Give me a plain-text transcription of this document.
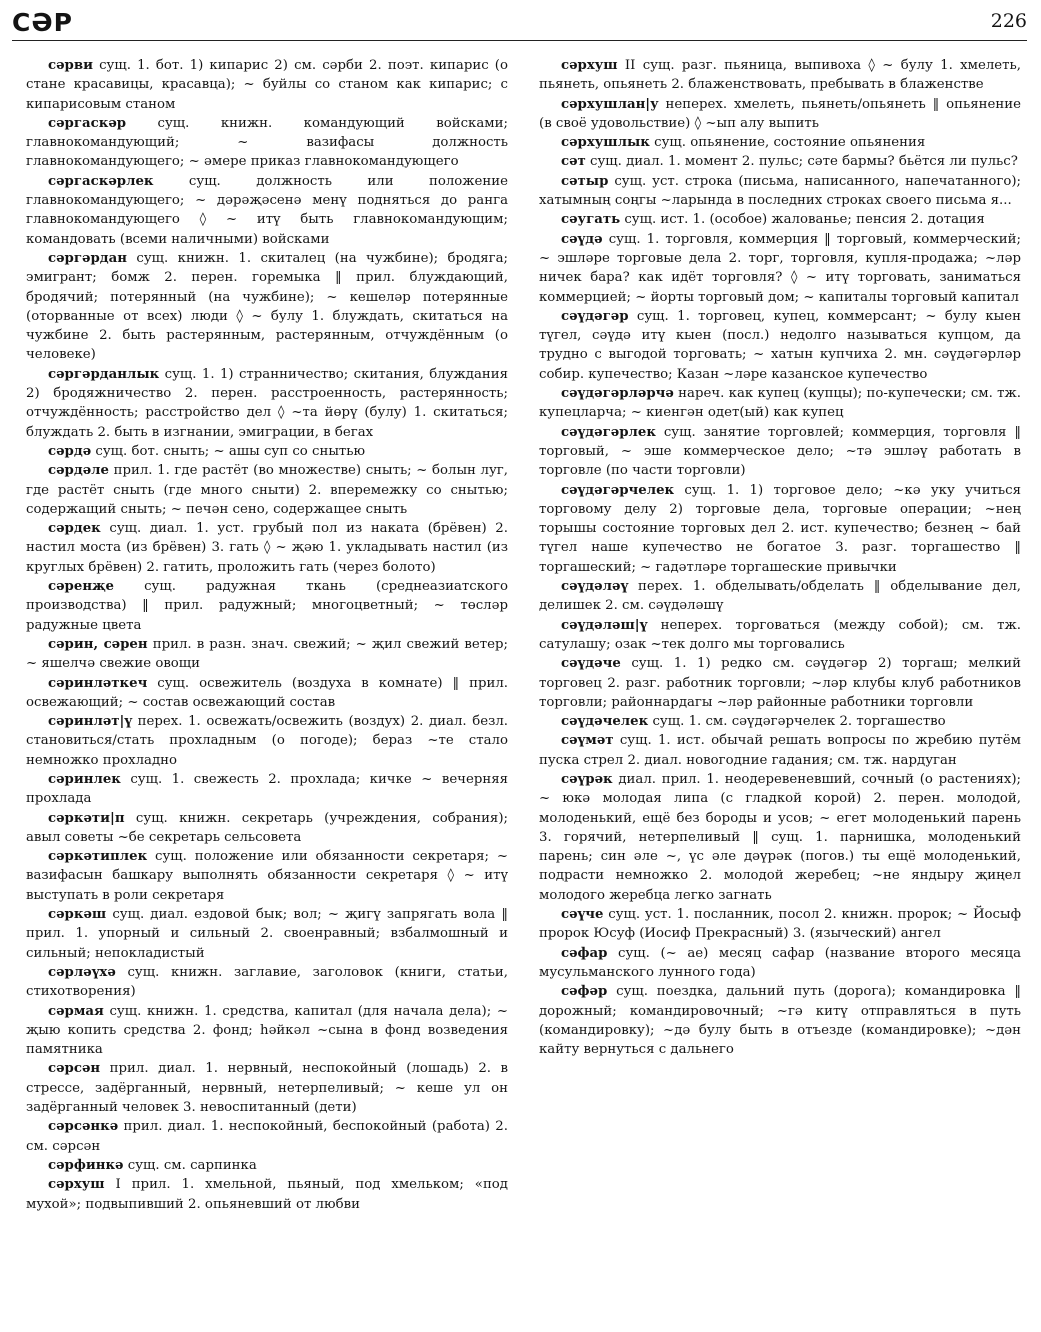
СӘР	226

сәрви сущ. 1. бот. 1) кипарис 2) см. сәрби 2. поэт. кипарис (о стане красавицы, красавца); ~ буйлы со станом как кипарис; с кипарисовым станом

сәргаскәр сущ. книжн. командующий войсками; главнокомандующий; ~ вазифасы должность главнокомандующего; ~ әмере приказ главнокомандующего

сәргаскәрлек сущ. должность или положение главнокомандующего; ~ дәрәҗәсенә менү подняться до ранга главнокомандующего ◊ ~ итү быть главнокомандующим; командовать (всеми наличными) войсками

сәргәрдан сущ. книжн. 1. скиталец (на чужбине); бродяга; эмигрант; бомж 2. перен. горемыка ‖ прил. блуждающий, бродячий; потерянный (на чужбине); ~ кешеләр потерянные (оторванные от всех) люди ◊ ~ булу 1. блуждать, скитаться на чужбине 2. быть растерянным, растерянным, отчуждённым (о человеке)

сәргәрданлык сущ. 1. 1) странничество; скитания, блуждания 2) бродяжничество 2. перен. расстроенность, растерянность; отчуждённость; расстройство дел ◊ ~та йөрү (булу) 1. скитаться; блуждать 2. быть в изгнании, эмиграции, в бегах

сәрдә сущ. бот. сныть; ~ ашы суп со снытью

сәрдәле прил. 1. где растёт (во множестве) сныть; ~ болын луг, где растёт сныть (где много сныти) 2. вперемежку со снытью; содержащий сныть; ~ печән сено, содержащее сныть

сәрдек сущ. диал. 1. уст. грубый пол из наката (брёвен) 2. настил моста (из брёвен) 3. гать ◊ ~ җәю 1. укладывать настил (из круглых брёвен) 2. гатить, проложить гать (через болото)

сәренҗе сущ. радужная ткань (среднеазиатского производства) ‖ прил. радужный; многоцветный; ~ төсләр радужные цвета

сәрин, сәрен прил. в разн. знач. свежий; ~ җил свежий ветер; ~ яшелчә свежие овощи

сәринләткеч сущ. освежитель (воздуха в комнате) ‖ прил. освежающий; ~ состав освежающий состав

сәринләт|ү перех. 1. освежать/освежить (воздух) 2. диал. безл. становиться/стать прохладным (о погоде); бераз ~те стало немножко прохладно

сәринлек сущ. 1. свежесть 2. прохлада; кичке ~ вечерняя прохлада

сәркәти|п сущ. книжн. секретарь (учреждения, собрания); авыл советы ~бе секретарь сельсовета

сәркәтиплек сущ. положение или обязанности секретаря; ~ вазифасын башкару выполнять обязанности секретаря ◊ ~ итү выступать в роли секретаря

сәркәш сущ. диал. ездовой бык; вол; ~ җигү запрягать вола ‖ прил. 1. упорный и сильный 2. своенравный; взбалмошный и сильный; непокладистый

сәрләүхә сущ. книжн. заглавие, заголовок (книги, статьи, стихотворения)

сәрмая сущ. книжн. 1. средства, капитал (для начала дела); ~ җыю копить средства 2. фонд; һәйкәл ~сына в фонд возведения памятника

сәрсән прил. диал. 1. нервный, неспокойный (лошадь) 2. в стрессе, задёрганный, нервный, нетерпеливый; ~ кеше ул он задёрганный человек 3. невоспитанный (дети)

сәрсәнкә прил. диал. 1. неспокойный, беспокойный (работа) 2. см. сәрсән

сәрфинкә сущ. см. сарпинка

сәрхуш I прил. 1. хмельной, пьяный, под хмельком; «под мухой»; подвыпивший 2. опьяневший от любви

сәрхуш II сущ. разг. пьяница, выпивоха ◊ ~ булу 1. хмелеть, пьянеть, опьянеть 2. блаженствовать, пребывать в блаженстве

сәрхушлан|у неперех. хмелеть, пьянеть/опьянеть ‖ опьянение (в своё удовольствие) ◊ ~ып алу выпить

сәрхушлык сущ. опьянение, состояние опьянения

сәт сущ. диал. 1. момент 2. пульс; сәте бармы? бьётся ли пульс?

сәтыр сущ. уст. строка (письма, написанного, напечатанного); хатымның соңгы ~ларында в последних строках своего письма я...

сәугать сущ. ист. 1. (особое) жалованье; пенсия 2. дотация

сәүдә сущ. 1. торговля, коммерция ‖ торговый, коммерческий; ~ эшләре торговые дела 2. торг, торговля, купля-продажа; ~ләр ничек бара? как идёт торговля? ◊ ~ итү торговать, заниматься коммерцией; ~ йорты торговый дом; ~ капиталы торговый капитал

сәүдәгәр сущ. 1. торговец, купец, коммерсант; ~ булу кыен түгел, сәүдә итү кыен (посл.) недолго называться купцом, да трудно с выгодой торговать; ~ хатын купчиха 2. мн. сәүдәгәрләр собир. купечество; Казан ~ләре казанское купечество

сәүдәгәрләрчә нареч. как купец (купцы); по-купечески; см. тж. купецларча; ~ киенгән одет(ый) как купец

сәүдәгәрлек сущ. занятие торговлей; коммерция, торговля ‖ торговый, ~ эше коммерческое дело; ~тә эшләү работать в торговле (по части торговли)

сәүдәгәрчелек сущ. 1. 1) торговое дело; ~кә уку учиться торговому делу 2) торговые дела, торговые операции; ~нең торышы состояние торговых дел 2. ист. купечество; безнең ~ бай түгел наше купечество не богатое 3. разг. торгашество ‖ торгашеский; ~ гадәтләре торгашеские привычки

сәүдәләү перех. 1. обделывать/обделать ‖ обделывание дел, делишек 2. см. сәүдәләшү

сәүдәләш|ү неперех. торговаться (между собой); см. тж. сатулашу; озак ~тек долго мы торговались

сәүдәче сущ. 1. 1) редко см. сәүдәгәр 2) торгаш; мелкий торговец 2. разг. работник торговли; ~ләр клубы клуб работников торговли; районнардагы ~ләр районные работники торговли

сәүдәчелек сущ. 1. см. сәүдәгәрчелек 2. торгашество

сәүмәт сущ. 1. ист. обычай решать вопросы по жребию путём пуска стрел 2. диал. новогодние гадания; см. тж. нардуган

сәүрәк диал. прил. 1. неодеревеневший, сочный (о растениях); ~ юкә молодая липа (с гладкой корой) 2. перен. молодой, молоденький, ещё без бороды и усов; ~ егет молоденький парень 3. горячий, нетерпеливый ‖ сущ. 1. парнишка, молоденький парень; син әле ~, үс әле дәүрәк (погов.) ты ещё молоденький, подрасти немножко 2. молодой жеребец; ~не яндыру җиңел молодого жеребца легко загнать

сәүче сущ. уст. 1. посланник, посол 2. книжн. пророк; ~ Йосыф пророк Юсуф (Иосиф Прекрасный) 3. (языческий) ангел

сәфар сущ. (~ ае) месяц сафар (название второго месяца мусульманского лунного года)

сәфәр сущ. поездка, дальний путь (дорога); командировка ‖ дорожный; командировочный; ~гә китү отправляться в путь (командировку); ~дә булу быть в отъезде (командировке); ~дән кайту вернуться с дальнего
